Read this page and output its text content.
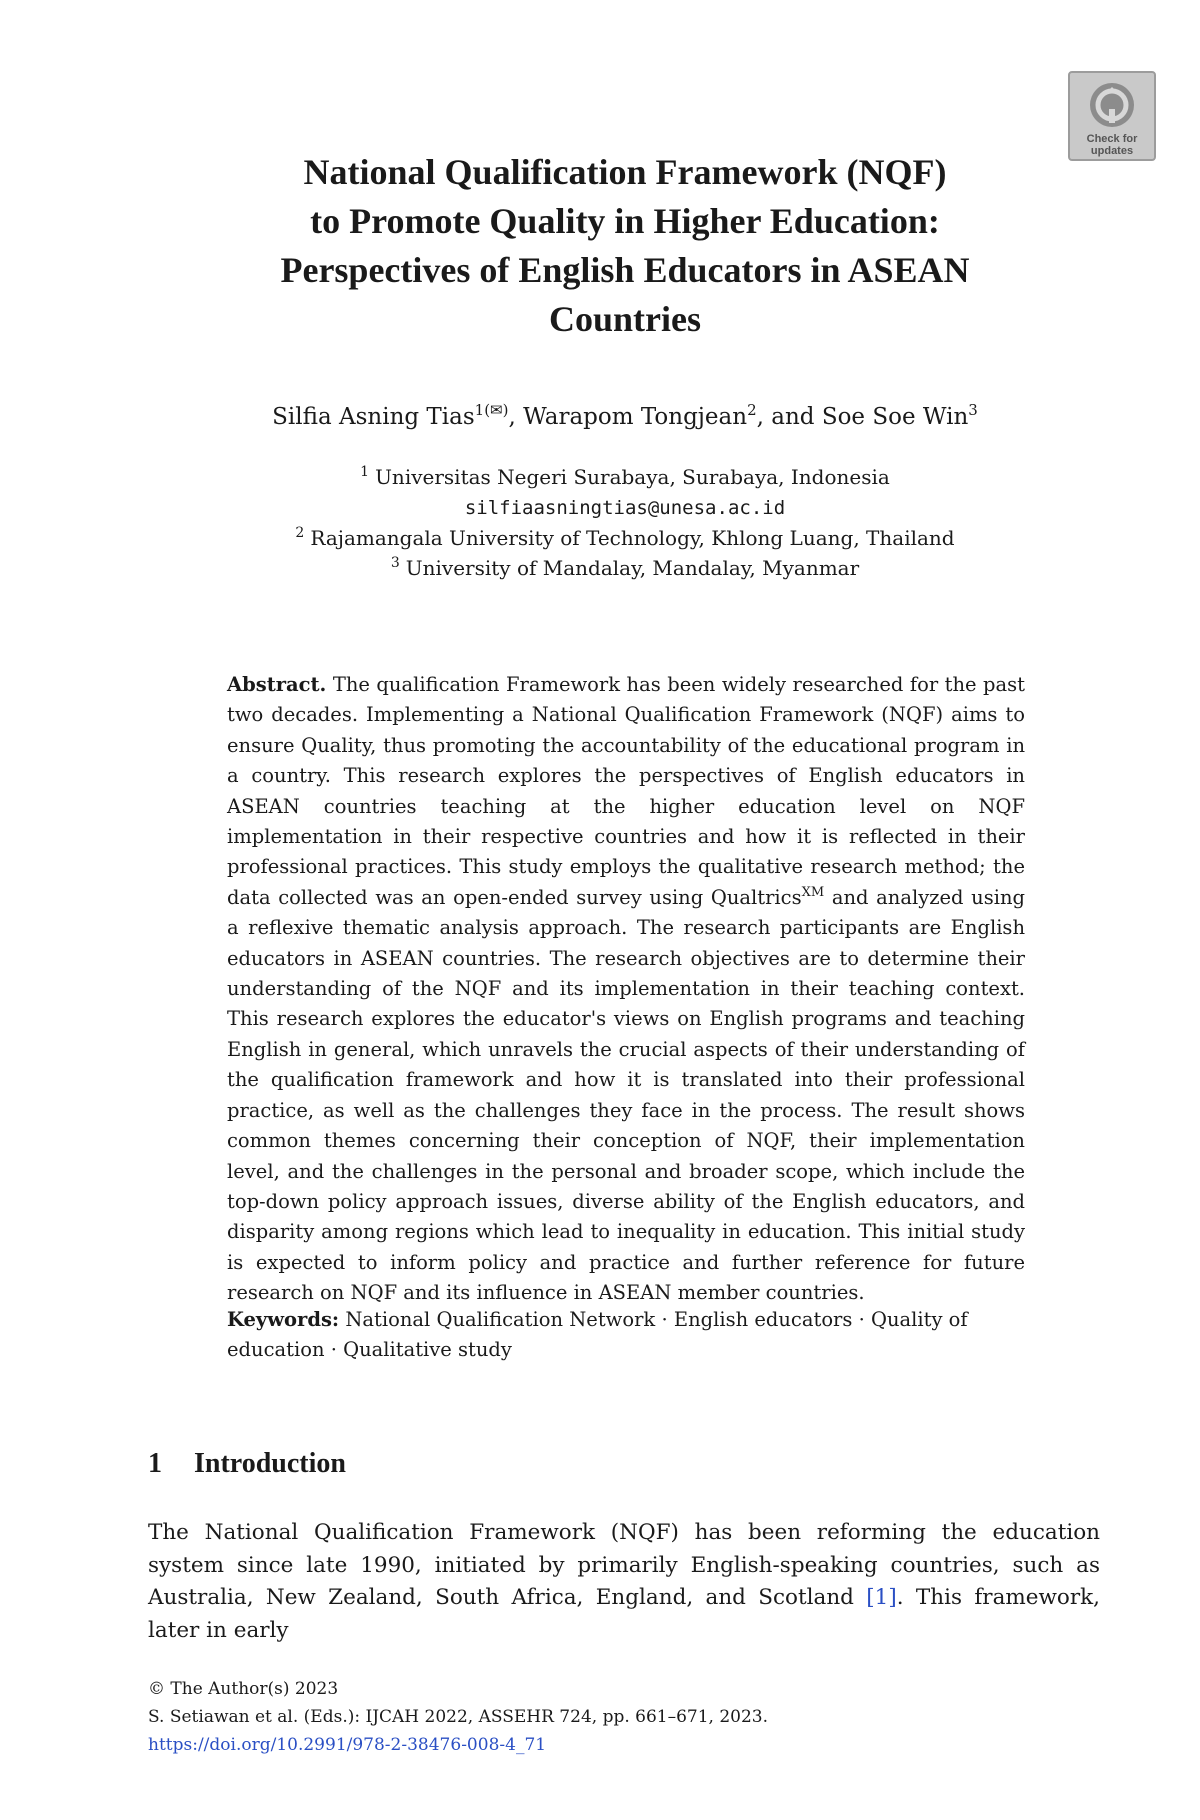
Check for updates
National Qualification Framework (NQF)
to Promote Quality in Higher Education:
Perspectives of English Educators in ASEAN
Countries
Silfia Asning Tias$^{1(✉)}$, Warapom Tongjean$^2$, and Soe Soe Win$^3$
$^1$ Universitas Negeri Surabaya, Surabaya, Indonesia
silfiaasningtias@unesa.ac.id
$^2$ Rajamangala University of Technology, Khlong Luang, Thailand
$^3$ University of Mandalay, Mandalay, Myanmar

Abstract. The qualification Framework has been widely researched for the past two decades. Implementing a National Qualification Framework (NQF) aims to ensure Quality, thus promoting the accountability of the educational program in a country. This research explores the perspectives of English educators in ASEAN countries teaching at the higher education level on NQF implementation in their respective countries and how it is reflected in their professional practices. This study employs the qualitative research method; the data collected was an open-ended survey using Qualtrics$^{XM}$ and analyzed using a reflexive thematic analysis approach. The research participants are English educators in ASEAN countries. The research objectives are to determine their understanding of the NQF and its implementation in their teaching context. This research explores the educator's views on English programs and teaching English in general, which unravels the crucial aspects of their understanding of the qualification framework and how it is translated into their professional practice, as well as the challenges they face in the process. The result shows common themes concerning their conception of NQF, their implementation level, and the challenges in the personal and broader scope, which include the top-down policy approach issues, diverse ability of the English educators, and disparity among regions which lead to inequality in education. This initial study is expected to inform policy and practice and further reference for future research on NQF and its influence in ASEAN member countries.

Keywords: National Qualification Network · English educators · Quality of education · Qualitative study

1 Introduction

The National Qualification Framework (NQF) has been reforming the education system since late 1990, initiated by primarily English-speaking countries, such as Australia, New Zealand, South Africa, England, and Scotland [1]. This framework, later in early

© The Author(s) 2023
S. Setiawan et al. (Eds.): IJCAH 2022, ASSEHR 724, pp. 661–671, 2023.
https://doi.org/10.2991/978-2-38476-008-4_71
